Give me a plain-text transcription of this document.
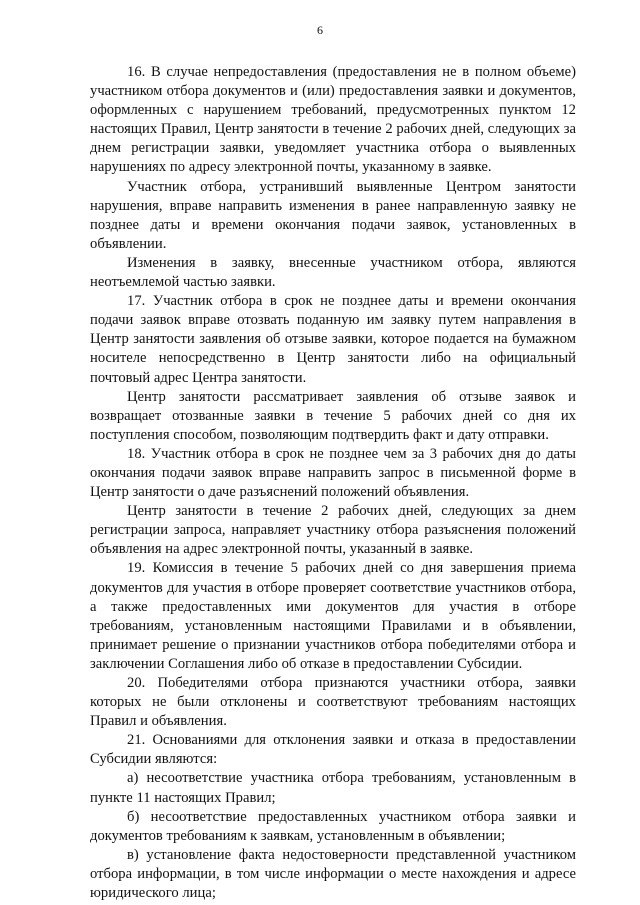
6

16. В случае непредоставления (предоставления не в полном объеме) участником отбора документов и (или) предоставления заявки и документов, оформленных с нарушением требований, предусмотренных пунктом 12 настоящих Правил, Центр занятости в течение 2 рабочих дней, следующих за днем регистрации заявки, уведомляет участника отбора о выявленных нарушениях по адресу электронной почты, указанному в заявке.

Участник отбора, устранивший выявленные Центром занятости нарушения, вправе направить изменения в ранее направленную заявку не позднее даты и времени окончания подачи заявок, установленных в объявлении.

Изменения в заявку, внесенные участником отбора, являются неотъемлемой частью заявки.

17. Участник отбора в срок не позднее даты и времени окончания подачи заявок вправе отозвать поданную им заявку путем направления в Центр занятости заявления об отзыве заявки, которое подается на бумажном носителе непосредственно в Центр занятости либо на официальный почтовый адрес Центра занятости.

Центр занятости рассматривает заявления об отзыве заявок и возвращает отозванные заявки в течение 5 рабочих дней со дня их поступления способом, позволяющим подтвердить факт и дату отправки.

18. Участник отбора в срок не позднее чем за 3 рабочих дня до даты окончания подачи заявок вправе направить запрос в письменной форме в Центр занятости о даче разъяснений положений объявления.

Центр занятости в течение 2 рабочих дней, следующих за днем регистрации запроса, направляет участнику отбора разъяснения положений объявления на адрес электронной почты, указанный в заявке.

19. Комиссия в течение 5 рабочих дней со дня завершения приема документов для участия в отборе проверяет соответствие участников отбора, а также предоставленных ими документов для участия в отборе требованиям, установленным настоящими Правилами и в объявлении, принимает решение о признании участников отбора победителями отбора и заключении Соглашения либо об отказе в предоставлении Субсидии.

20. Победителями отбора признаются участники отбора, заявки которых не были отклонены и соответствуют требованиям настоящих Правил и объявления.

21. Основаниями для отклонения заявки и отказа в предоставлении Субсидии являются:

а) несоответствие участника отбора требованиям, установленным в пункте 11 настоящих Правил;

б) несоответствие предоставленных участником отбора заявки и документов требованиям к заявкам, установленным в объявлении;

в) установление факта недостоверности представленной участником отбора информации, в том числе информации о месте нахождения и адресе юридического лица;
